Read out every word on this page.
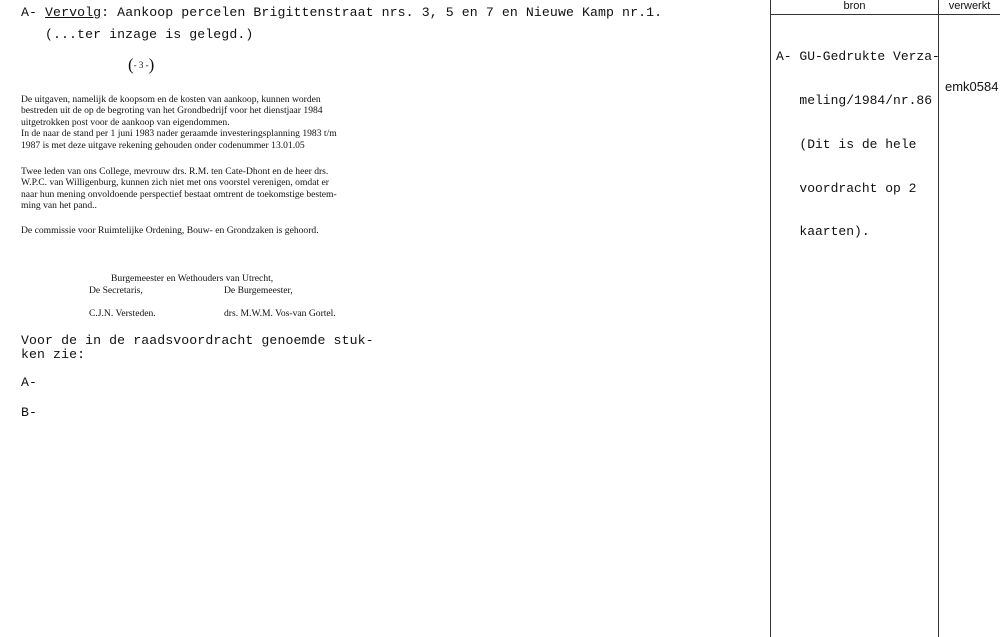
A- Vervolg: Aankoop percelen Brigittenstraat nrs. 3, 5 en 7 en Nieuwe Kamp nr.1.
(...ter inzage is gelegd.)
(- 3 -)
De uitgaven, namelijk de koopsom en de kosten van aankoop, kunnen worden
bestreden uit de op de begroting van het Grondbedrijf voor het dienstjaar 1984
uitgetrokken post voor de aankoop van eigendommen.
In de naar de stand per 1 juni 1983 nader geraamde investeringsplanning 1983 t/m
1987 is met deze uitgave rekening gehouden onder codenummer 13.01.05
Twee leden van ons College, mevrouw drs. R.M. ten Cate-Dhont en de heer drs.
W.P.C. van Willigenburg, kunnen zich niet met ons voorstel verenigen, omdat er
naar hun mening onvoldoende perspectief bestaat omtrent de toekomstige bestem-
ming van het pand..
De commissie voor Ruimtelijke Ordening, Bouw- en Grondzaken is gehoord.
Burgemeester en Wethouders van Utrecht,
De Secretaris,	De Burgemeester,
C.J.N. Versteden.	drs. M.W.M. Vos-van Gortel.
Voor de in de raadsvoordracht genoemde stuk-
ken zie:
A-
B-
bron	verwerkt

A- GU-Gedrukte Verza-

meling/1984/nr.86

(Dit is de hele

voordracht op 2

kaarten).

emk0584
